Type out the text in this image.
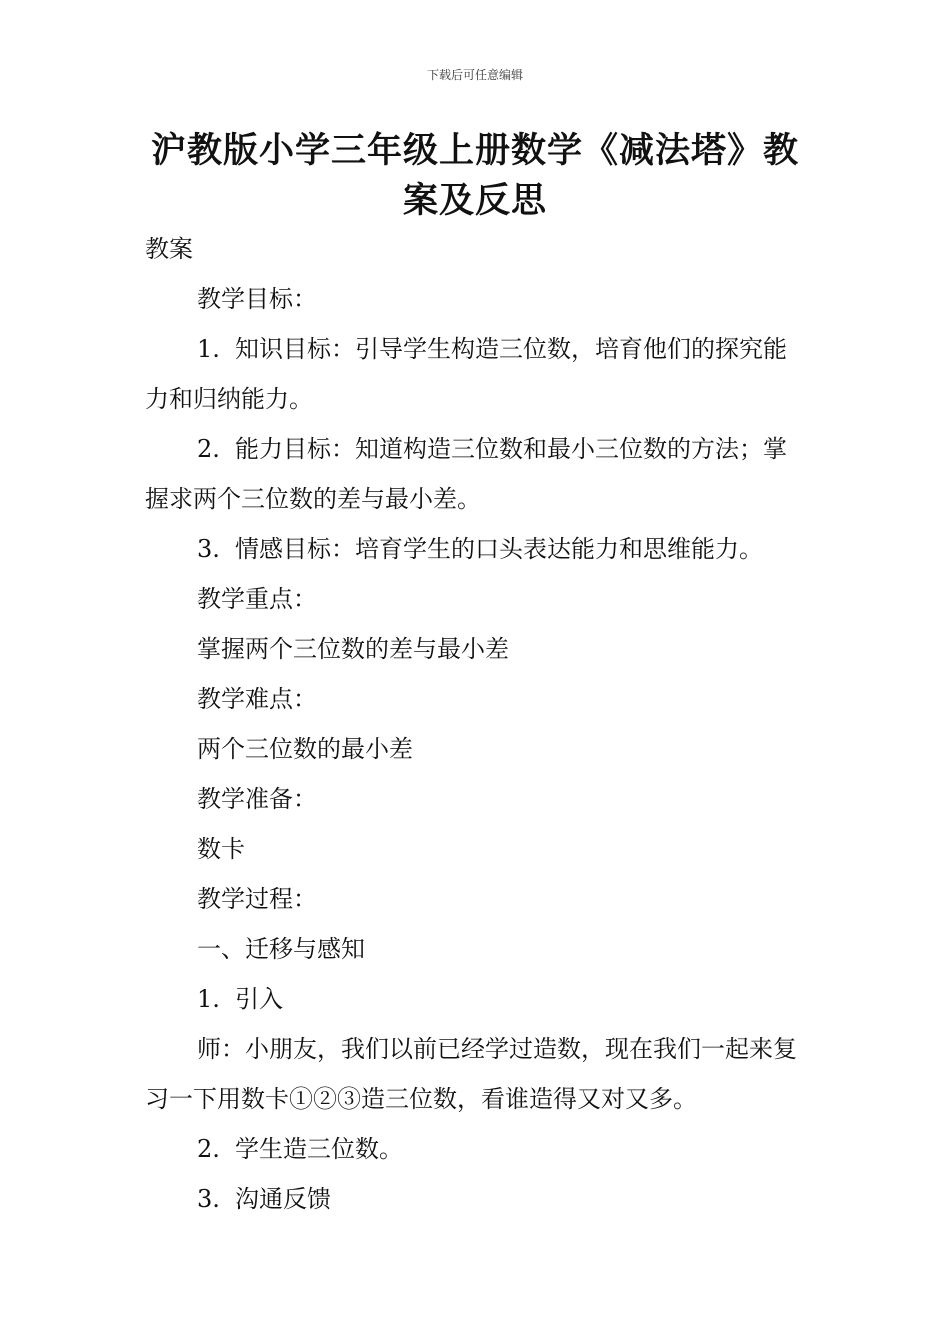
下载后可任意编辑
沪教版小学三年级上册数学《减法塔》教案及反思

教案

教学目标：

1. 知识目标：引导学生构造三位数，培育他们的探究能力和归纳能力。

2. 能力目标：知道构造三位数和最小三位数的方法；掌握求两个三位数的差与最小差。

3. 情感目标：培育学生的口头表达能力和思维能力。

教学重点：

掌握两个三位数的差与最小差

教学难点：

两个三位数的最小差

教学准备：

数卡

教学过程：

一、迁移与感知

1. 引入

师：小朋友，我们以前已经学过造数，现在我们一起来复习一下用数卡①②③造三位数，看谁造得又对又多。

2. 学生造三位数。

3. 沟通反馈
